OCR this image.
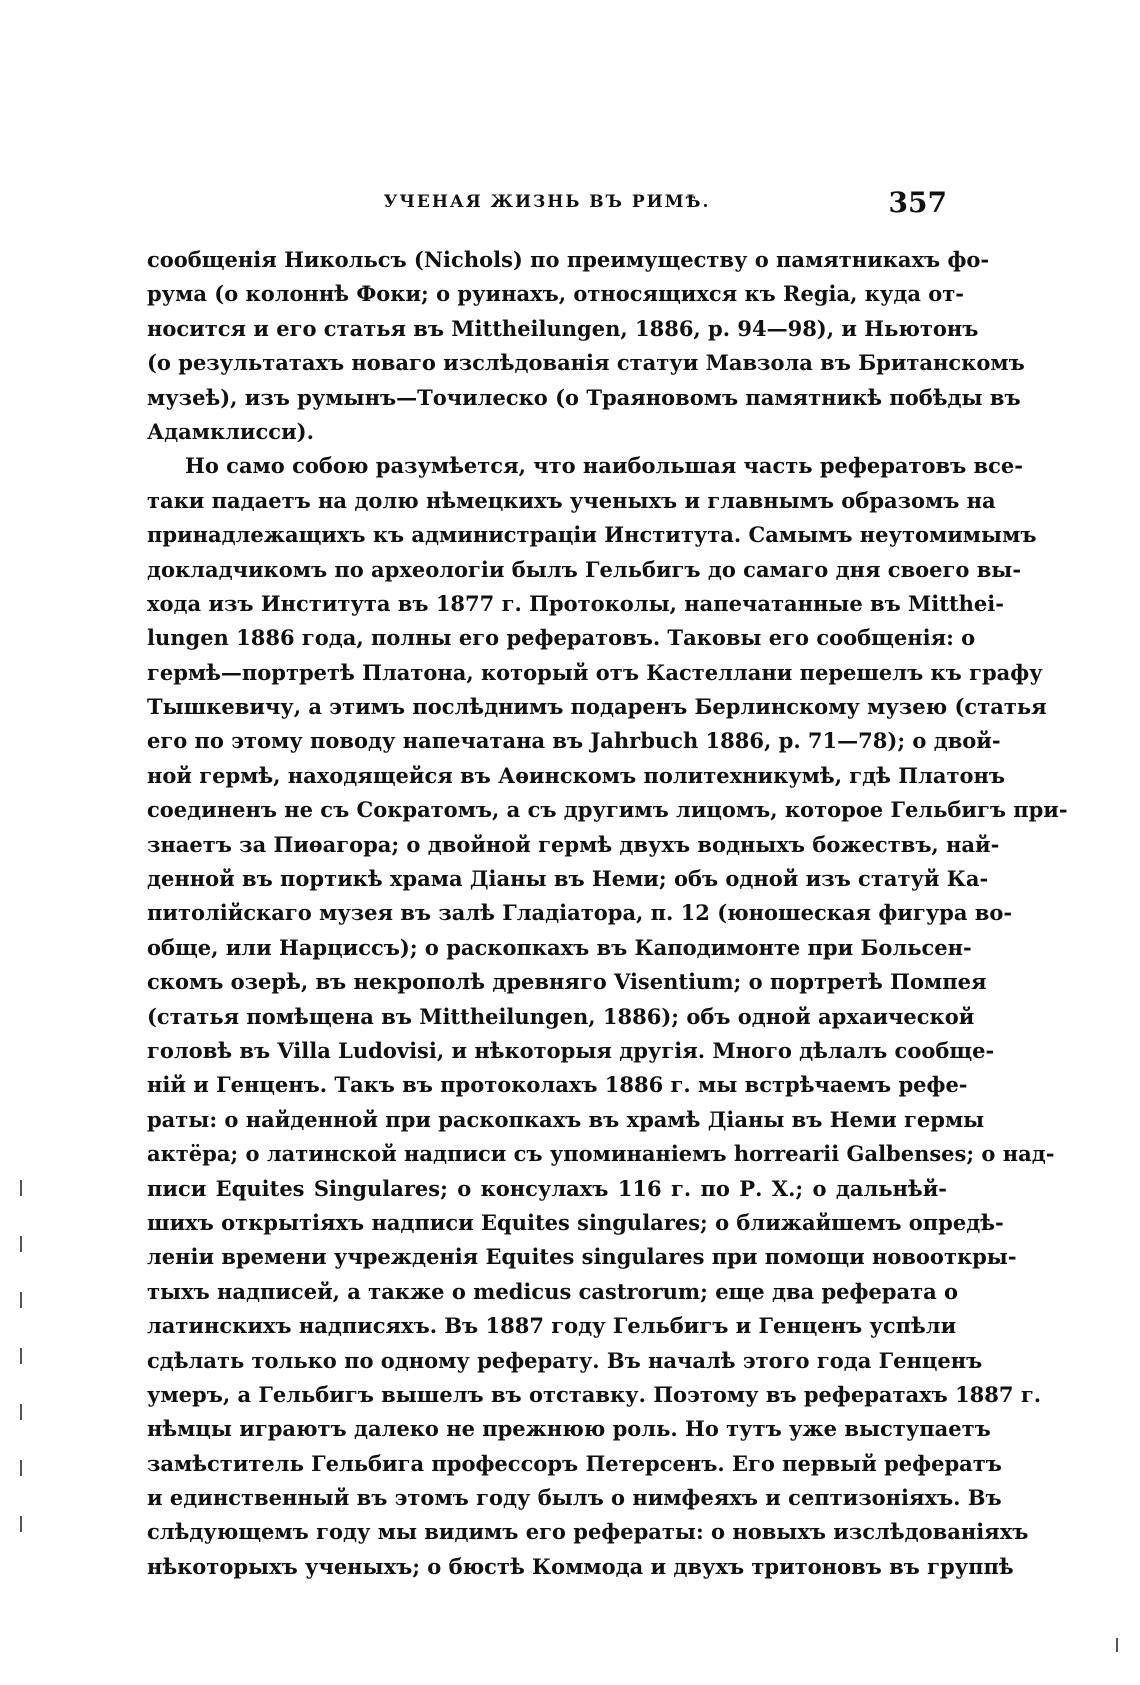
УЧЕНАЯ ЖИЗНЬ ВЪ РИМѢ.	357
сообщенія Никольсъ (Nichols) по преимуществу о памятникахъ фо-
рума (о колоннѣ Фоки; о руинахъ, относящихся къ Regia, куда от-
носится и его статья въ Mittheilungen, 1886, р. 94—98), и Ньютонъ
(о результатахъ новаго изслѣдованія статуи Мавзола въ Британскомъ
музеѣ), изъ румынъ—Точилеско (о Траяновомъ памятникѣ побѣды въ
Адамклисси).
Но само собою разумѣется, что наибольшая часть рефератовъ все-
таки падаетъ на долю нѣмецкихъ ученыхъ и главнымъ образомъ на
принадлежащихъ къ администраціи Института. Самымъ неутомимымъ
докладчикомъ по археологіи былъ Гельбигъ до самаго дня своего вы-
хода изъ Института въ 1877 г. Протоколы, напечатанные въ Mitthei-
lungen 1886 года, полны его рефератовъ. Таковы его сообщенія: о
гермѣ—портретѣ Платона, который отъ Кастеллани перешелъ къ графу
Тышкевичу, а этимъ послѣднимъ подаренъ Берлинскому музею (статья
его по этому поводу напечатана въ Jahrbuch 1886, р. 71—78); о двой-
ной гермѣ, находящейся въ Аѳинскомъ политехникумѣ, гдѣ Платонъ
соединенъ не съ Сократомъ, а съ другимъ лицомъ, которое Гельбигъ при-
знаетъ за Пиѳагора; о двойной гермѣ двухъ водныхъ божествъ, най-
денной въ портикѣ храма Діаны въ Неми; объ одной изъ статуй Ка-
питолійскаго музея въ залѣ Гладіатора, п. 12 (юношеская фигура во-
обще, или Нарциссъ); о раскопкахъ въ Каподимонте при Больсен-
скомъ озерѣ, въ некрополѣ древняго Visentium; о портретѣ Помпея
(статья помѣщена въ Mittheilungen, 1886); объ одной архаической
головѣ въ Villa Ludovisi, и нѣкоторыя другія. Много дѣлалъ сообще-
ній и Генценъ. Такъ въ протоколахъ 1886 г. мы встрѣчаемъ рефе-
раты: о найденной при раскопкахъ въ храмѣ Діаны въ Неми гермы
актёра; о латинской надписи съ упоминаніемъ horrearii Galbenses; о над-
писи Equites Singulares; о консулахъ 116 г. по Р. Х.; о дальнѣй-
шихъ открытіяхъ надписи Equites singulares; о ближайшемъ опредѣ-
леніи времени учрежденія Equites singulares при помощи новооткры-
тыхъ надписей, а также о medicus castrorum; еще два реферата о
латинскихъ надписяхъ. Въ 1887 году Гельбигъ и Генценъ успѣли
сдѣлать только по одному реферату. Въ началѣ этого года Генценъ
умеръ, а Гельбигъ вышелъ въ отставку. Поэтому въ рефератахъ 1887 г.
нѣмцы играютъ далеко не прежнюю роль. Но тутъ уже выступаетъ
замѣститель Гельбига профессоръ Петерсенъ. Его первый рефератъ
и единственный въ этомъ году былъ о нимфеяхъ и септизоніяхъ. Въ
слѣдующемъ году мы видимъ его рефераты: о новыхъ изслѣдованіяхъ
нѣкоторыхъ ученыхъ; о бюстѣ Коммода и двухъ тритоновъ въ группѣ
